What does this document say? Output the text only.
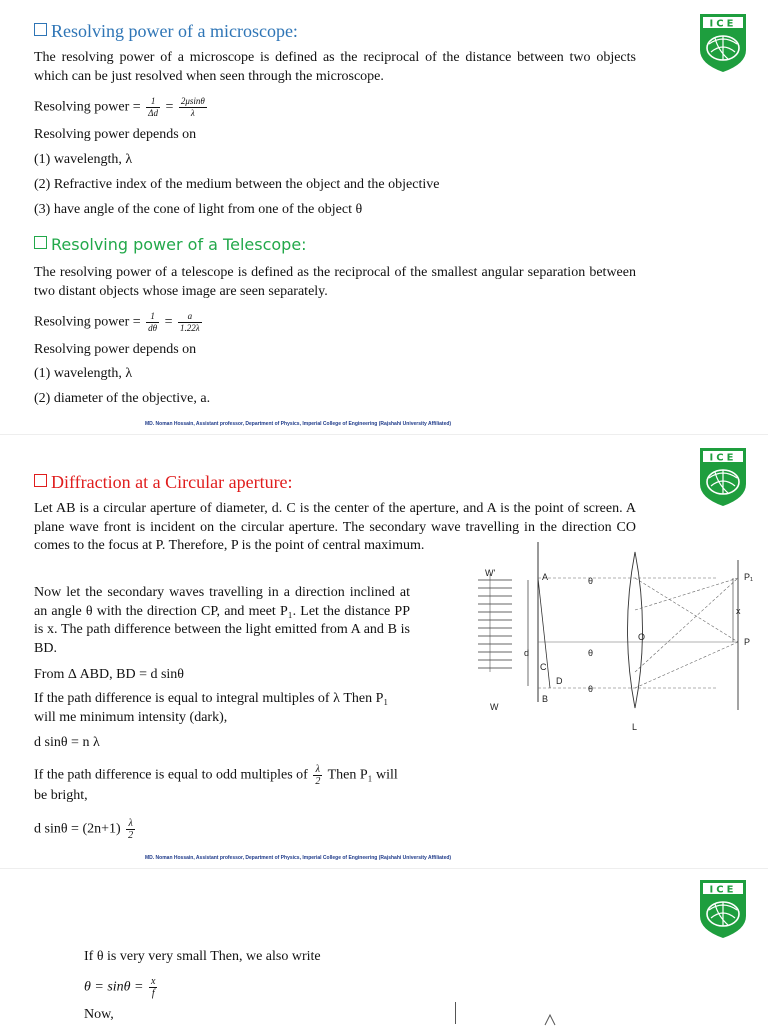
ICE
Resolving power of a microscope:
The resolving power of a microscope is defined as the reciprocal of the distance between two objects which can be just resolved when seen through the microscope.
Resolving power = $\frac{1}{\Delta d} = \frac{2\mu\sin\theta}{\lambda}$
Resolving power depends on
(1) wavelength, λ
(2) Refractive index of the medium between the object and the objective
(3) have angle of the cone of light from one of the object θ
Resolving power of a Telescope:
The resolving power of a telescope is defined as the reciprocal of the smallest angular separation between two distant objects whose image are seen separately.
Resolving power = $\frac{1}{d\theta} = \frac{a}{1.22\lambda}$
Resolving power depends on
(1) wavelength, λ
(2) diameter of the objective, a.
MD. Noman Hossain, Assistant professor, Department of Physics, Imperial College of Engineering (Rajshahi University Affiliated)
ICE
Diffraction at a Circular aperture:
Let AB is a circular aperture of diameter, d. C is the center of the aperture, and A is the point of screen. A plane wave front is incident on the circular aperture. The secondary wave travelling in the direction CO comes to the focus at P. Therefore, P is the point of central maximum.
Now let the secondary waves travelling in a direction inclined at an angle θ with the direction CP, and meet P₁. Let the distance PP is x. The path difference between the light emitted from A and B is BD.
From Δ ABD, BD = d sinθ
If the path difference is equal to integral multiples of λ Then P₁ will me minimum intensity (dark),
d sinθ = n λ
If the path difference is equal to odd multiples of $\frac{\lambda}{2}$ Then P₁ will be bright,
d $\sin\theta = (2n+1) \frac{\lambda}{2}$
W'
W
A
B
C
D
d
O
L
P
P₁
x
θ
θ
θ
MD. Noman Hossain, Assistant professor, Department of Physics, Imperial College of Engineering (Rajshahi University Affiliated)
ICE
If θ is very very small Then, we also write
$\theta = \sin\theta = \frac{x}{f}$
Now,
